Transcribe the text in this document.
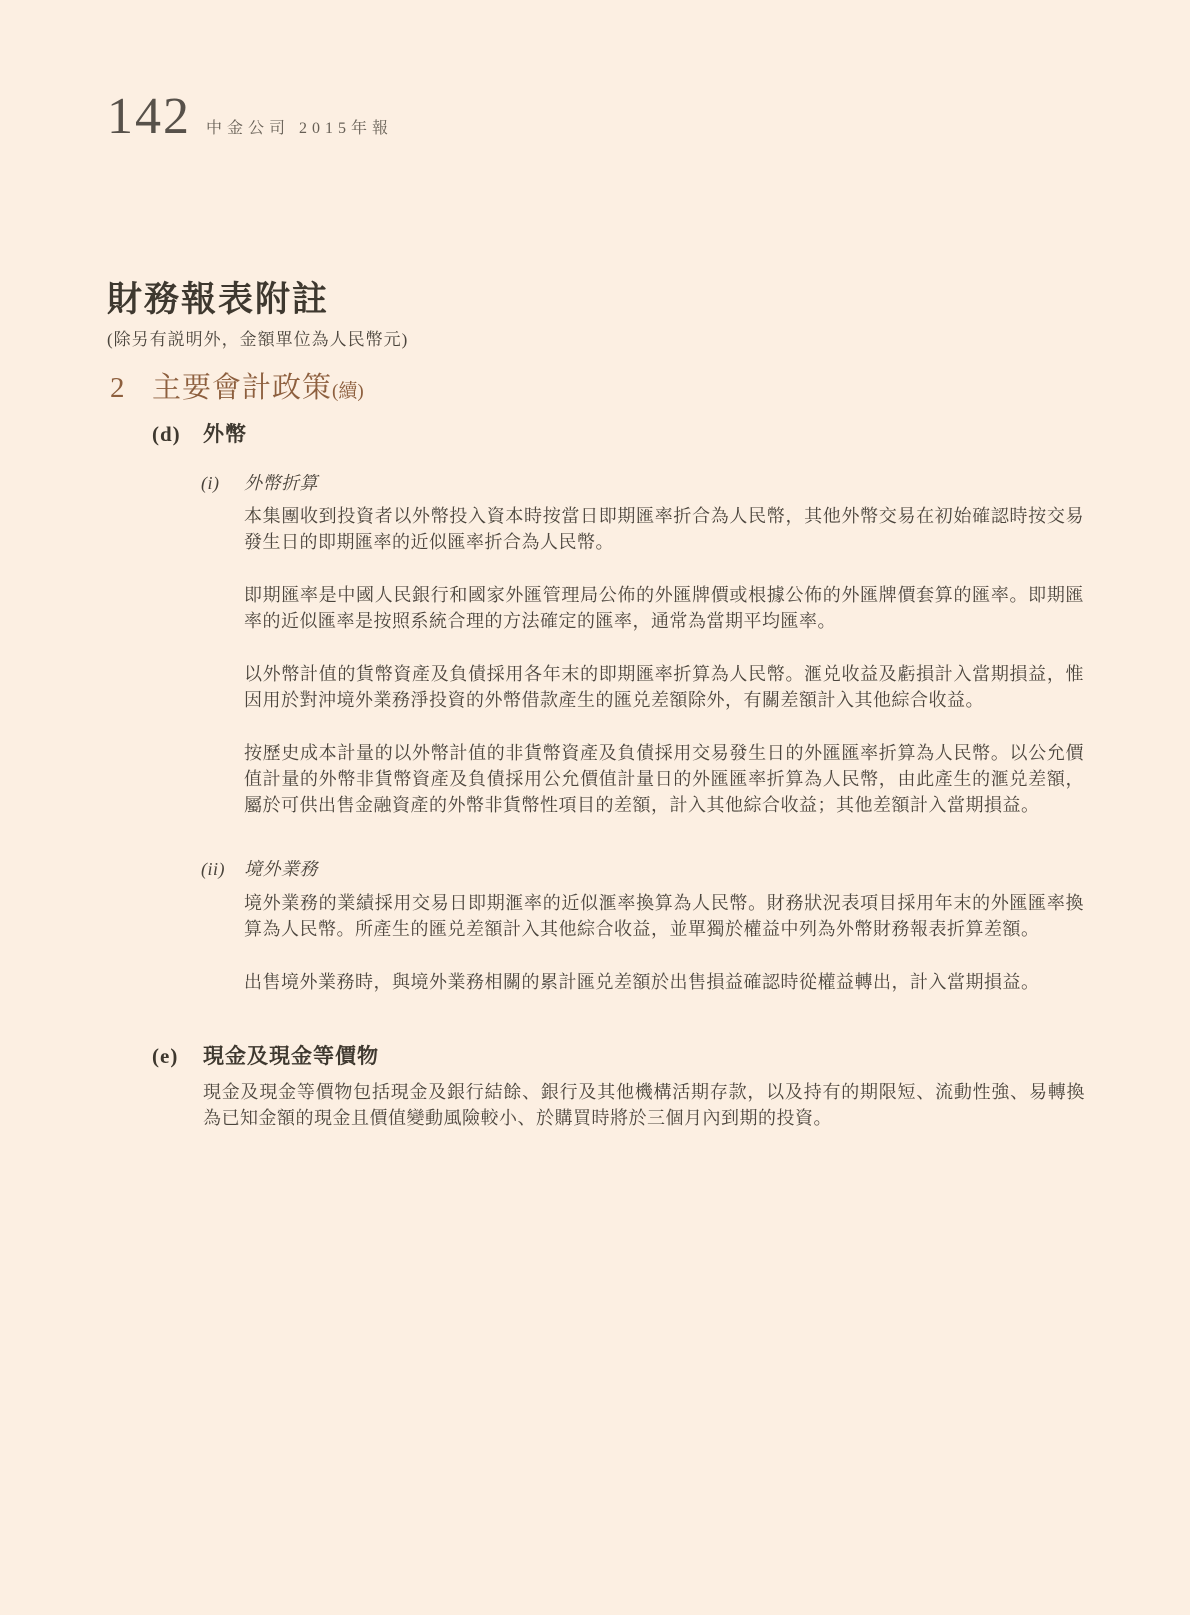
142 中金公司 2015年報
財務報表附註

(除另有説明外，金額單位為人民幣元)

2 主要會計政策 (續)
(d)	外幣
(i)	外幣折算

本集團收到投資者以外幣投入資本時按當日即期匯率折合為人民幣，其他外幣交易在初始確認時按交易發生日的即期匯率的近似匯率折合為人民幣。

即期匯率是中國人民銀行和國家外匯管理局公佈的外匯牌價或根據公佈的外匯牌價套算的匯率。即期匯率的近似匯率是按照系統合理的方法確定的匯率，通常為當期平均匯率。

以外幣計值的貨幣資產及負債採用各年末的即期匯率折算為人民幣。滙兑收益及虧損計入當期損益，惟因用於對沖境外業務淨投資的外幣借款產生的匯兑差額除外，有關差額計入其他綜合收益。

按歷史成本計量的以外幣計值的非貨幣資產及負債採用交易發生日的外匯匯率折算為人民幣。以公允價值計量的外幣非貨幣資產及負債採用公允價值計量日的外匯匯率折算為人民幣，由此產生的滙兑差額，屬於可供出售金融資產的外幣非貨幣性項目的差額，計入其他綜合收益；其他差額計入當期損益。

(ii)	境外業務

境外業務的業績採用交易日即期滙率的近似滙率換算為人民幣。財務狀況表項目採用年末的外匯匯率換算為人民幣。所產生的匯兑差額計入其他綜合收益，並單獨於權益中列為外幣財務報表折算差額。

出售境外業務時，與境外業務相關的累計匯兑差額於出售損益確認時從權益轉出，計入當期損益。

(e)	現金及現金等價物

現金及現金等價物包括現金及銀行結餘、銀行及其他機構活期存款，以及持有的期限短、流動性強、易轉換為已知金額的現金且價值變動風險較小、於購買時將於三個月內到期的投資。
